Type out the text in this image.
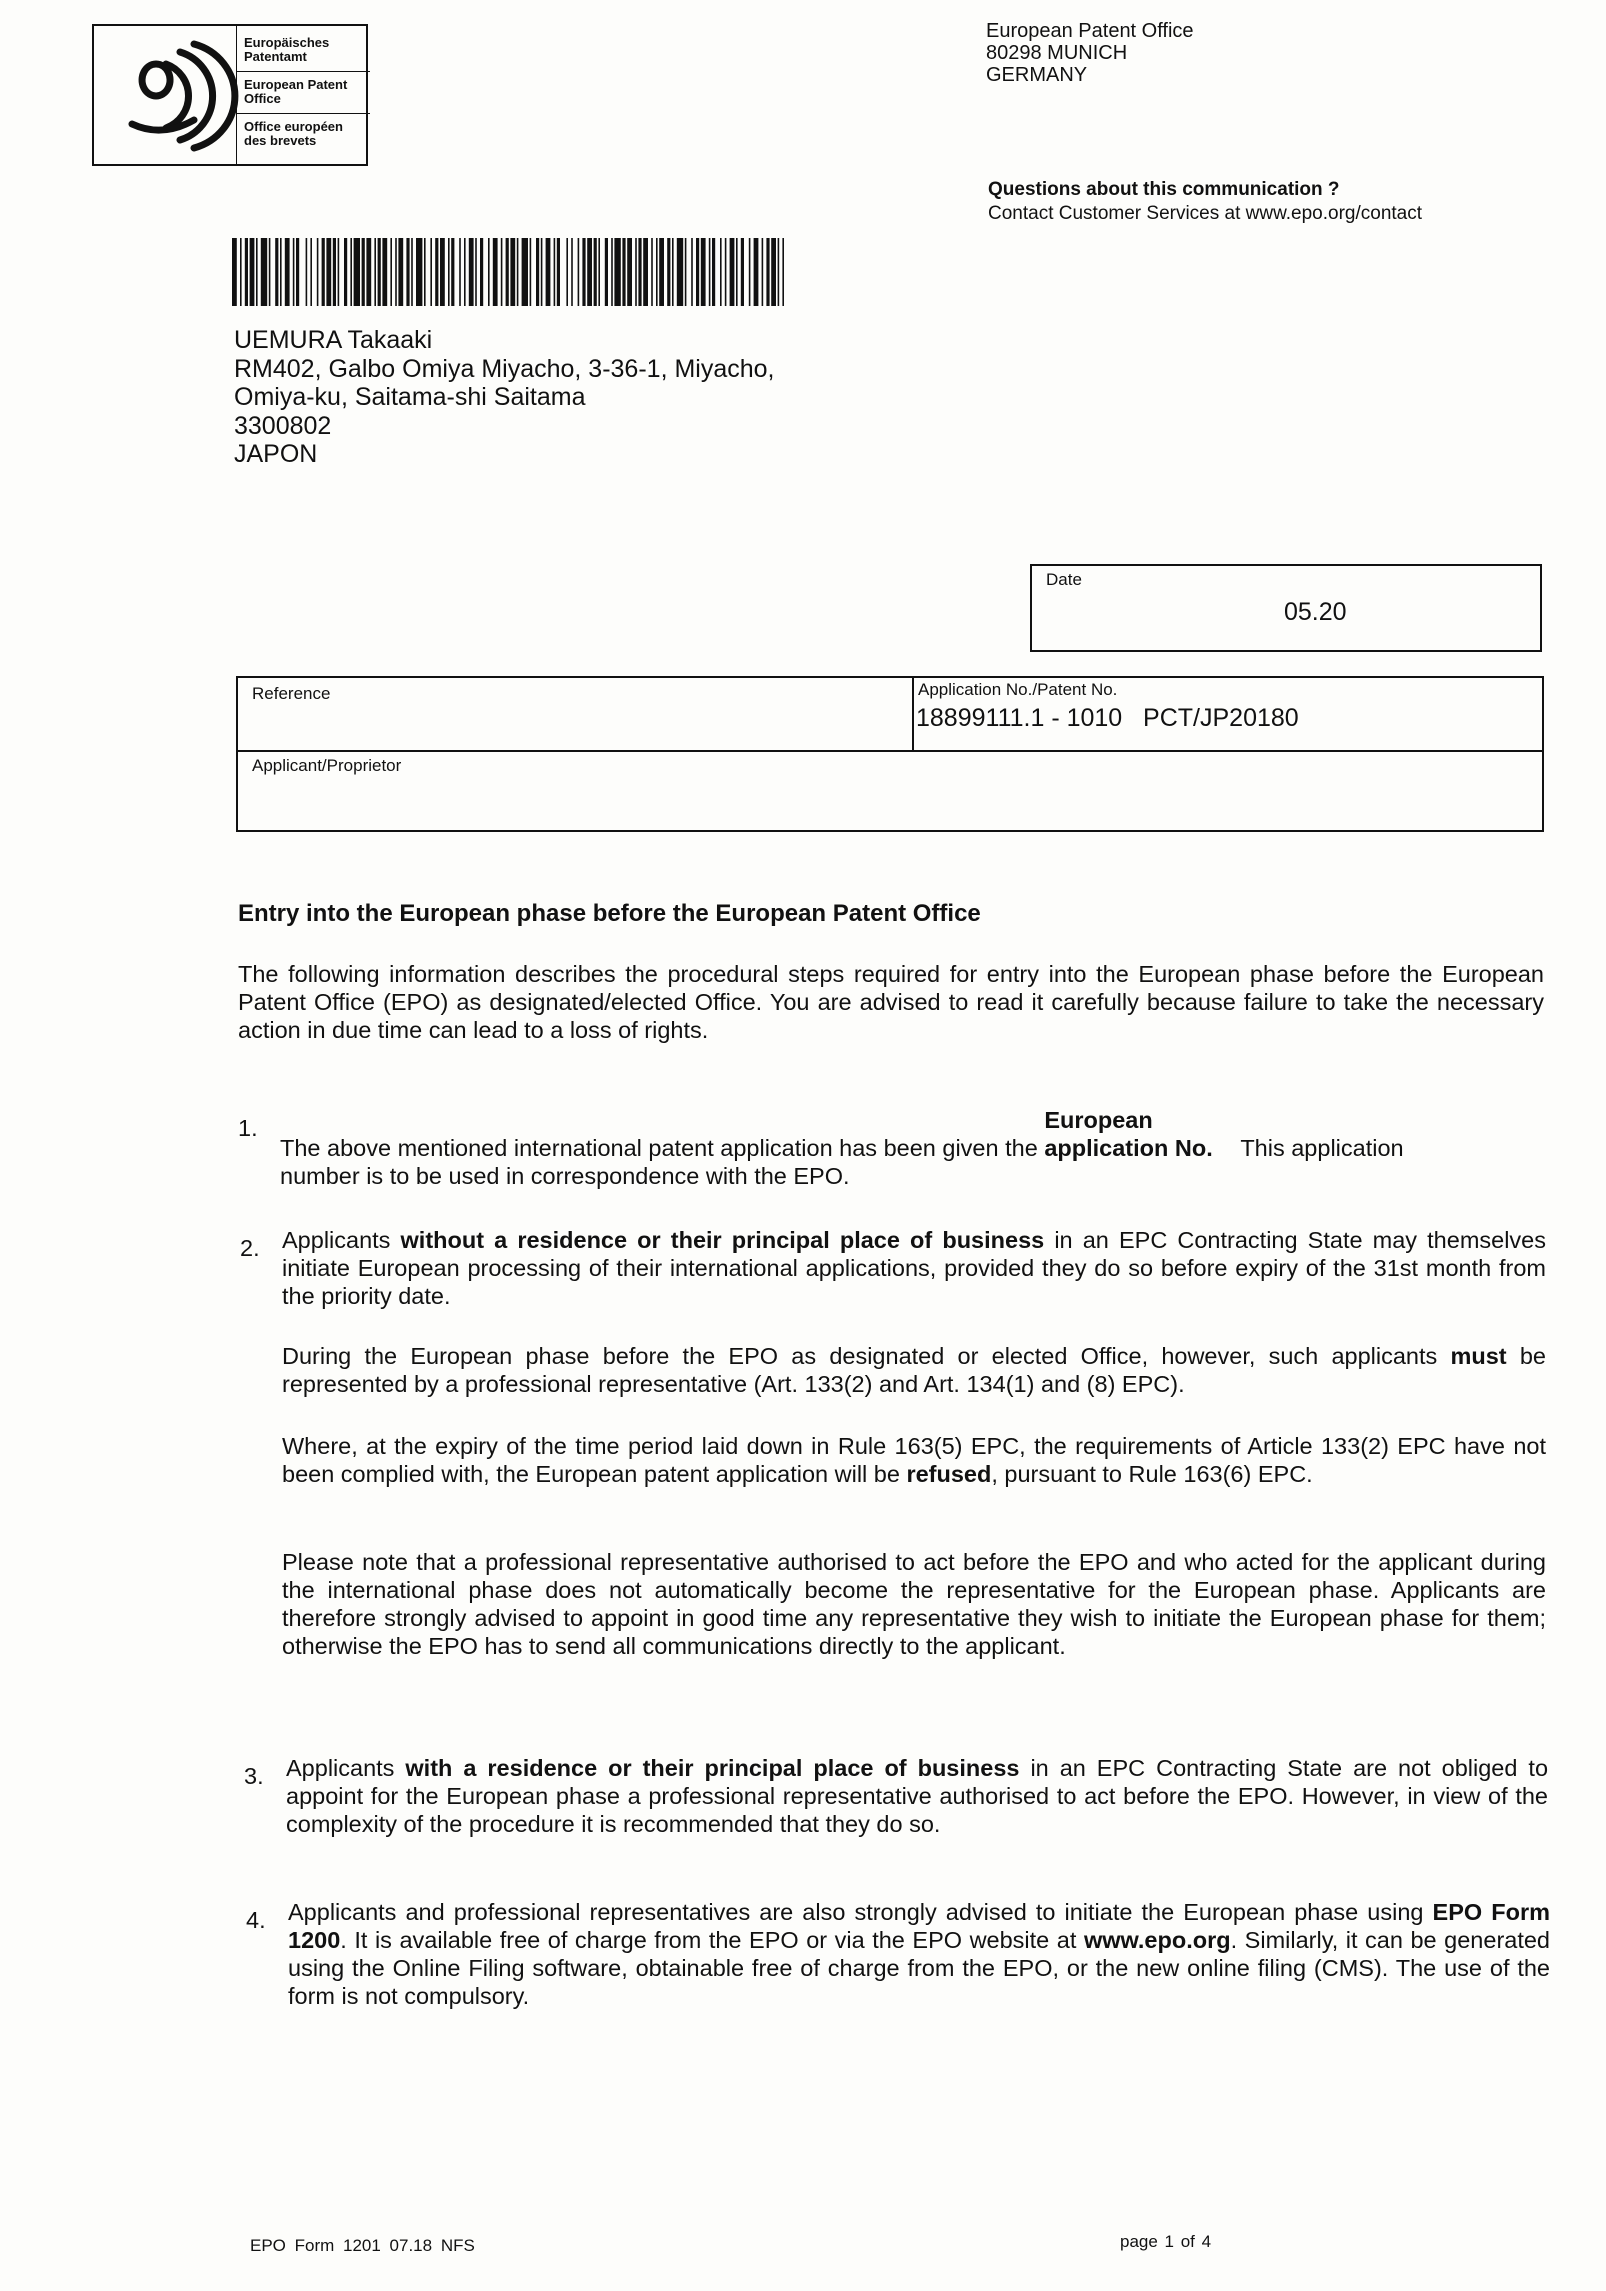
Europäisches Patentamt
European Patent Office
Office européen des brevets
European Patent Office
80298 MUNICH
GERMANY
Questions about this communication ?
Contact Customer Services at www.epo.org/contact
UEMURA Takaaki
RM402, Galbo Omiya Miyacho, 3-36-1, Miyacho,
Omiya-ku, Saitama-shi Saitama
3300802
JAPON
Date
05.20
Reference	Application No./Patent No.
18899111.1 - 1010   PCT/JP20180
Applicant/Proprietor
Entry into the European phase before the European Patent Office
The following information describes the procedural steps required for entry into the European phase before the European Patent Office (EPO) as designated/elected Office. You are advised to read it carefully because failure to take the necessary action in due time can lead to a loss of rights.
1.
The above mentioned international patent application has been given the European application No. This application number is to be used in correspondence with the EPO.
2. Applicants without a residence or their principal place of business in an EPC Contracting State may themselves initiate European processing of their international applications, provided they do so before expiry of the 31st month from the priority date.
During the European phase before the EPO as designated or elected Office, however, such applicants must be represented by a professional representative (Art. 133(2) and Art. 134(1) and (8) EPC).
Where, at the expiry of the time period laid down in Rule 163(5) EPC, the requirements of Article 133(2) EPC have not been complied with, the European patent application will be refused, pursuant to Rule 163(6) EPC.
Please note that a professional representative authorised to act before the EPO and who acted for the applicant during the international phase does not automatically become the representative for the European phase. Applicants are therefore strongly advised to appoint in good time any representative they wish to initiate the European phase for them; otherwise the EPO has to send all communications directly to the applicant.
3. Applicants with a residence or their principal place of business in an EPC Contracting State are not obliged to appoint for the European phase a professional representative authorised to act before the EPO. However, in view of the complexity of the procedure it is recommended that they do so.
4. Applicants and professional representatives are also strongly advised to initiate the European phase using EPO Form 1200. It is available free of charge from the EPO or via the EPO website at www.epo.org. Similarly, it can be generated using the Online Filing software, obtainable free of charge from the EPO, or the new online filing (CMS). The use of the form is not compulsory.
EPO Form 1201 07.18 NFS	page 1 of 4
